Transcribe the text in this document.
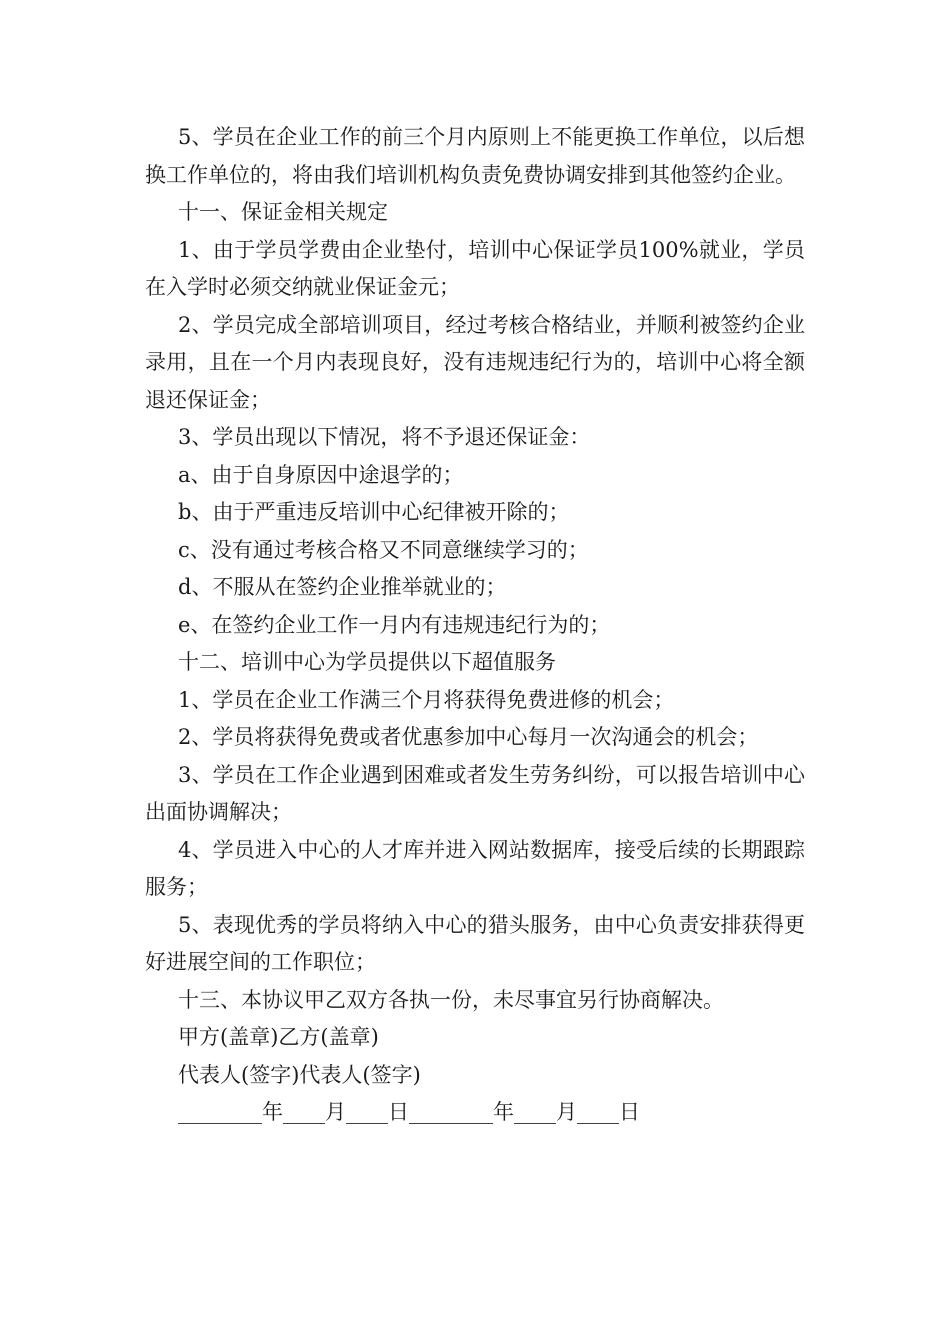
5、学员在企业工作的前三个月内原则上不能更换工作单位，以后想换工作单位的，将由我们培训机构负责免费协调安排到其他签约企业。

十一、保证金相关规定

1、由于学员学费由企业垫付，培训中心保证学员100%就业，学员在入学时必须交纳就业保证金元；

2、学员完成全部培训项目，经过考核合格结业，并顺利被签约企业录用，且在一个月内表现良好，没有违规违纪行为的，培训中心将全额退还保证金；

3、学员出现以下情况，将不予退还保证金：

a、由于自身原因中途退学的；

b、由于严重违反培训中心纪律被开除的；

c、没有通过考核合格又不同意继续学习的；

d、不服从在签约企业推举就业的；

e、在签约企业工作一月内有违规违纪行为的；

十二、培训中心为学员提供以下超值服务

1、学员在企业工作满三个月将获得免费进修的机会；

2、学员将获得免费或者优惠参加中心每月一次沟通会的机会；

3、学员在工作企业遇到困难或者发生劳务纠纷，可以报告培训中心出面协调解决；

4、学员进入中心的人才库并进入网站数据库，接受后续的长期跟踪服务；

5、表现优秀的学员将纳入中心的猎头服务，由中心负责安排获得更好进展空间的工作职位；

十三、本协议甲乙双方各执一份，未尽事宜另行协商解决。

甲方(盖章)乙方(盖章)

代表人(签字)代表人(签字)

________年____月____日________年____月____日
